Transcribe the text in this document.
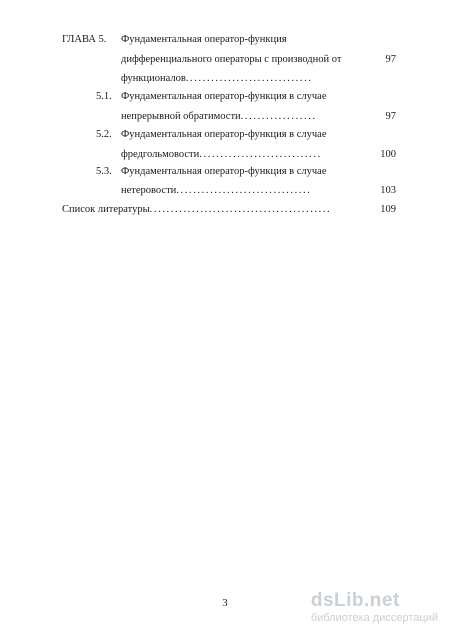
ГЛАВА 5. Фундаментальная оператор-функция
дифференциального операторы с производной от	97
функционалов..............................
5.1. Фундаментальная оператор-функция в случае
непрерывной обратимости..................	97
5.2. Фундаментальная оператор-функция в случае
фредгольмовости.............................	100
5.3. Фундаментальная оператор-функция в случае
нетеровости................................	103
Список литературы...........................................	109
3	dsLib.net
библиотека диссертаций
